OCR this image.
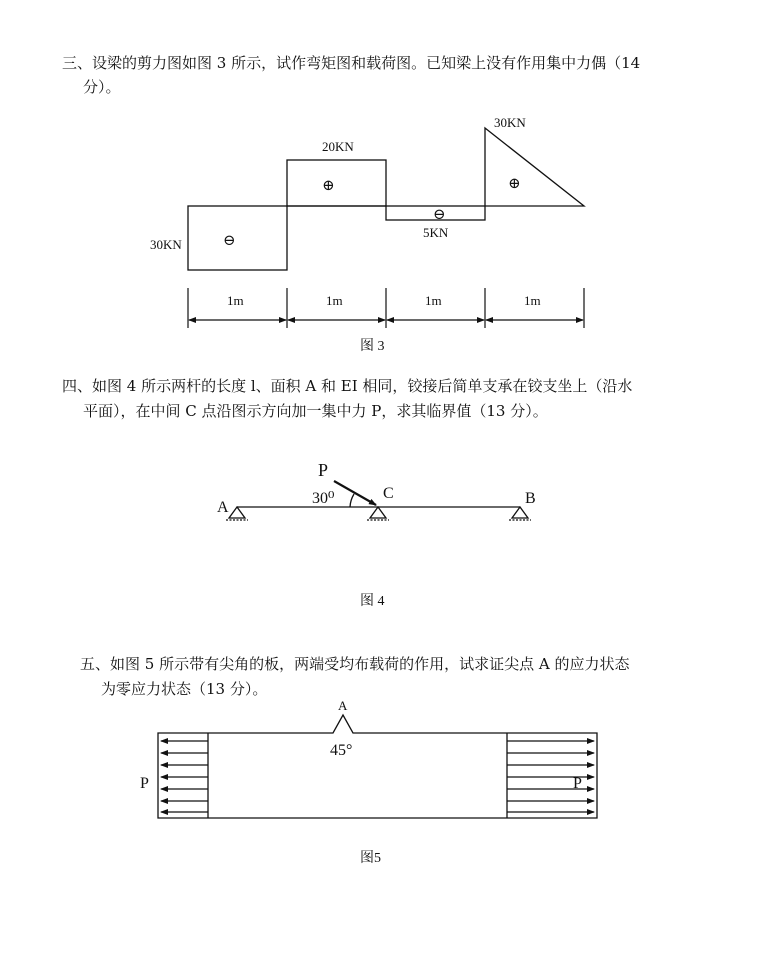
三、设梁的剪力图如图 3 所示，试作弯矩图和载荷图。已知梁上没有作用集中力偶（14
分）。
30KN
20KN
5KN
30KN
⊖
⊕
⊖
⊕
1m	1m	1m	1m
图 3
A
C	B
P
30⁰
图 4
A
45°
P	P
图5
四、如图 4 所示两杆的长度 l、面积 A 和 EI 相同，铰接后简单支承在铰支坐上（沿水
平面），在中间 C 点沿图示方向加一集中力 P，求其临界值（13 分）。
五、如图 5 所示带有尖角的板，两端受均布载荷的作用，试求证尖点 A 的应力状态
为零应力状态（13 分）。
